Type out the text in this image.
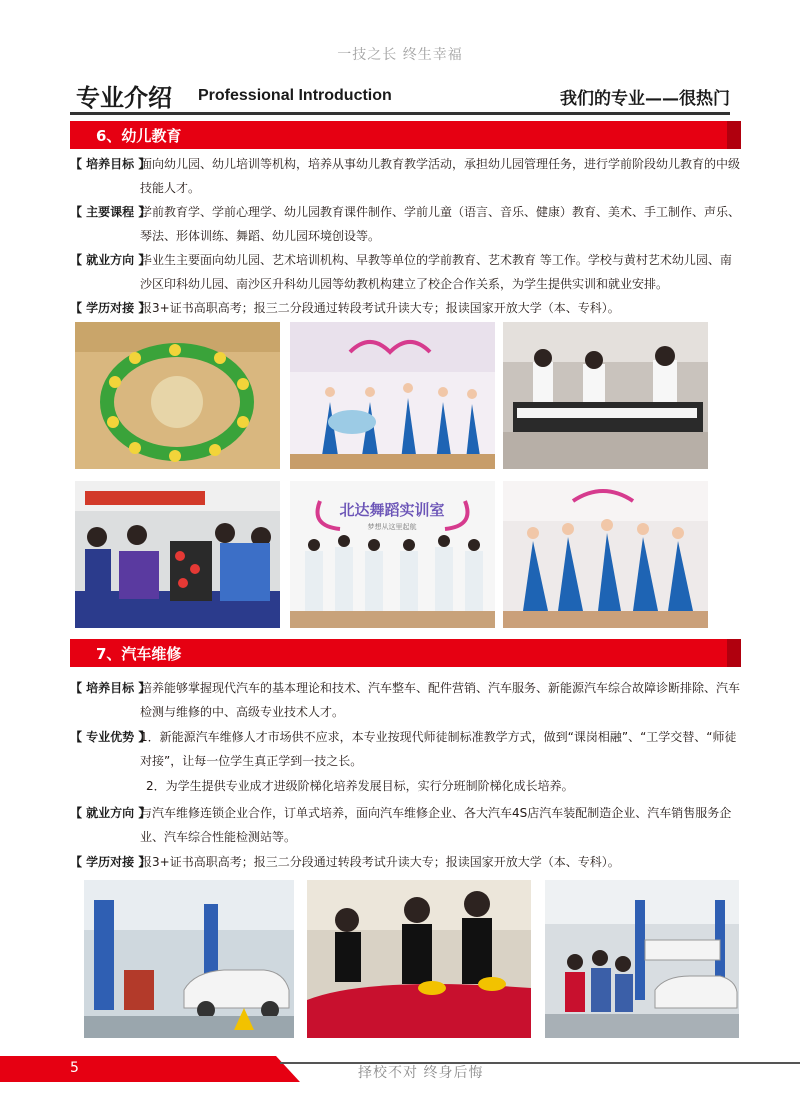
一技之长 终生幸福
专业介绍 Professional Introduction	我们的专业——很热门
6、幼儿教育
【 培养目标 】
面向幼儿园、幼儿培训等机构，培养从事幼儿教育教学活动，承担幼儿园管理任务，进行学前阶段幼儿教育的中级技能人才。
【 主要课程 】
学前教育学、学前心理学、幼儿园教育课件制作、学前儿童（语言、音乐、健康）教育、美术、手工制作、声乐、琴法、形体训练、舞蹈、幼儿园环境创设等。
【 就业方向 】
毕业生主要面向幼儿园、艺术培训机构、早教等单位的学前教育、艺术教育 等工作。学校与黄村艺术幼儿园、南沙区印科幼儿园、南沙区升科幼儿园等幼教机构建立了校企合作关系，为学生提供实训和就业安排。
【 学历对接 】
报3+证书高职高考；报三二分段通过转段考试升读大专；报读国家开放大学（本、专科）。
北达舞蹈实训室
梦想从这里起航
7、汽车维修
【 培养目标 】
培养能够掌握现代汽车的基本理论和技术、汽车整车、配件营销、汽车服务、新能源汽车综合故障诊断排除、汽车检测与维修的中、高级专业技术人才。
【 专业优势 】
1．新能源汽车维修人才市场供不应求，本专业按现代师徒制标准教学方式，做到“课岗相融”、“工学交替、“师徒对接”，让每一位学生真正学到一技之长。
2．为学生提供专业成才进级阶梯化培养发展目标，实行分班制阶梯化成长培养。
【 就业方向 】
与汽车维修连锁企业合作，订单式培养，面向汽车维修企业、各大汽车4S店汽车装配制造企业、汽车销售服务企业、汽车综合性能检测站等。
【 学历对接 】
报3+证书高职高考；报三二分段通过转段考试升读大专；报读国家开放大学（本、专科）。
5	择校不对 终身后悔
